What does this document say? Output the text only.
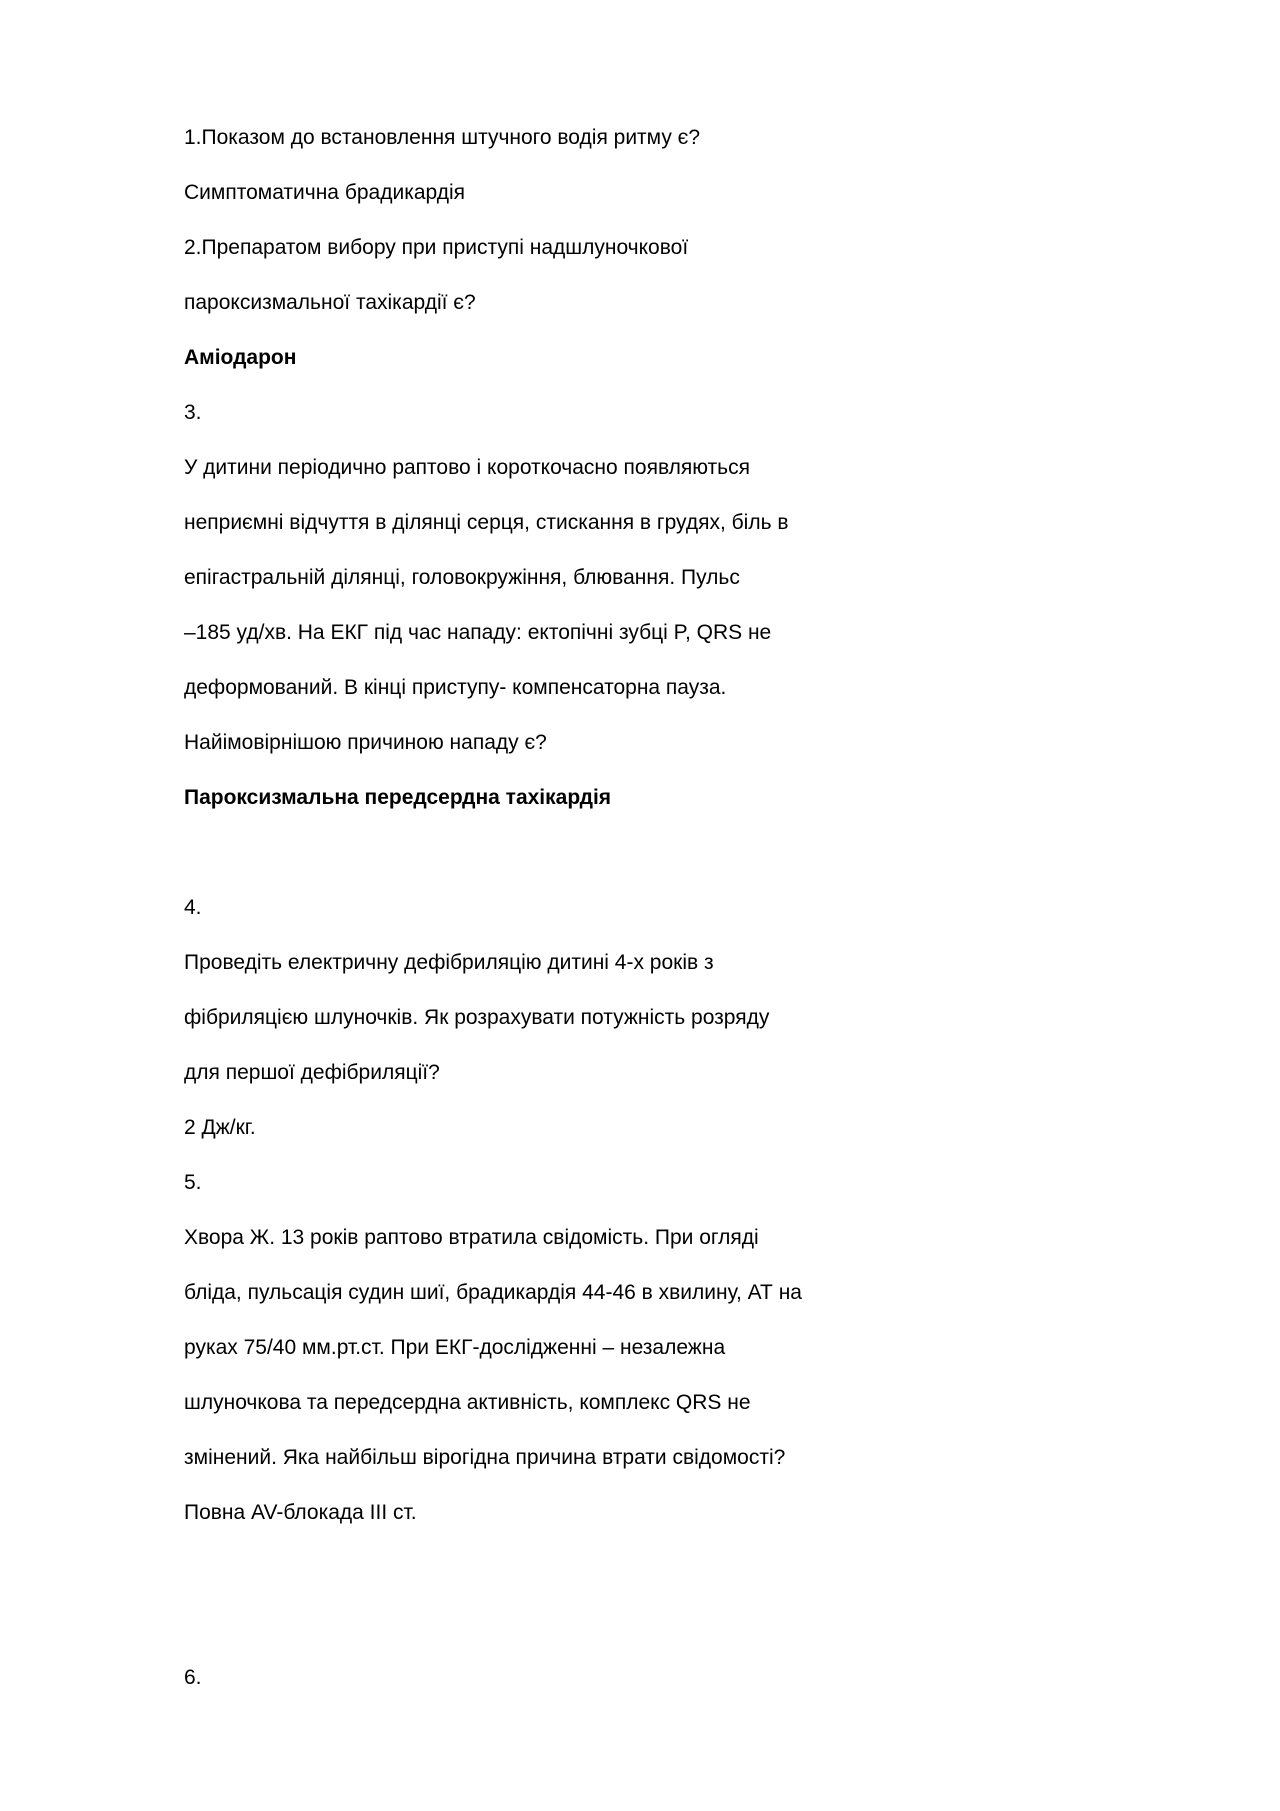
1.Показом до встановлення штучного водія ритму є?

Симптоматична брадикардія

2.Препаратом вибору при приступі надшлуночкової

пароксизмальної тахікардії є?

Аміодарон

3.

У дитини періодично раптово і короткочасно появляються

неприємні відчуття в ділянці серця, стискання в грудях, біль в

епігастральній ділянці, головокружіння, блювання. Пульс

–185 уд/хв. На ЕКГ під час нападу: ектопічні зубці P, QRS не

деформований. В кінці приступу- компенсаторна пауза.

Найімовірнішою причиною нападу є?

Пароксизмальна передсердна тахікардія

4.

Проведіть електричну дефібриляцію дитині 4-х років з

фібриляцією шлуночків. Як розрахувати потужність розряду

для першої дефібриляції?

2 Дж/кг.

5.

Хвора Ж. 13 років раптово втратила свідомість. При огляді

бліда, пульсація судин шиї, брадикардія 44-46 в хвилину, АТ на

руках 75/40 мм.рт.ст. При ЕКГ-дослідженні – незалежна

шлуночкова та передсердна активність, комплекс QRS не

змінений. Яка найбільш вірогідна причина втрати свідомості?

Повна AV-блокада III ст.

6.
